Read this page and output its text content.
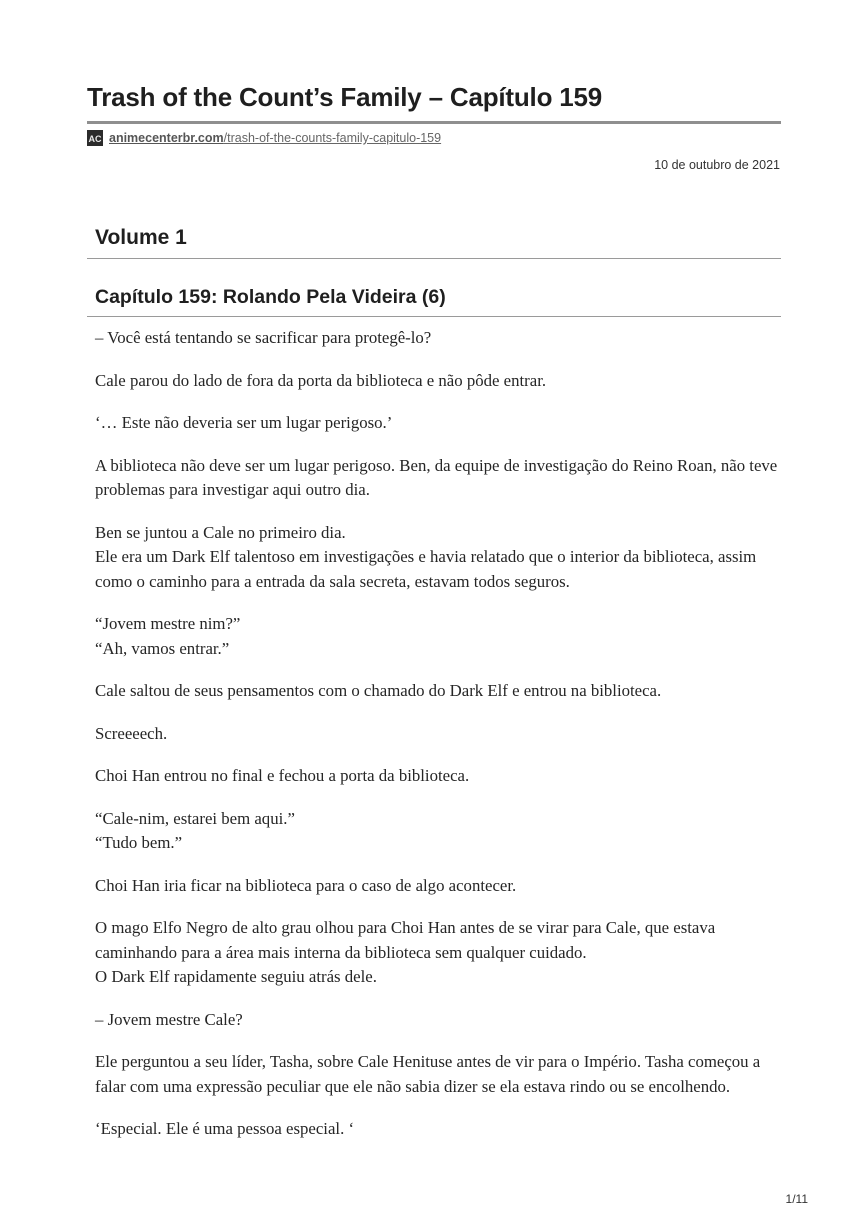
Trash of the Count’s Family – Capítulo 159
AC animecenterbr.com /trash-of-the-counts-family-capitulo-159
10 de outubro de 2021
Volume 1
Capítulo 159: Rolando Pela Videira (6)

– Você está tentando se sacrificar para protegê-lo?

Cale parou do lado de fora da porta da biblioteca e não pôde entrar.

‘… Este não deveria ser um lugar perigoso.’

A biblioteca não deve ser um lugar perigoso. Ben, da equipe de investigação do Reino Roan, não teve problemas para investigar aqui outro dia.

Ben se juntou a Cale no primeiro dia.
Ele era um Dark Elf talentoso em investigações e havia relatado que o interior da biblioteca, assim como o caminho para a entrada da sala secreta, estavam todos seguros.

“Jovem mestre nim?”
“Ah, vamos entrar.”

Cale saltou de seus pensamentos com o chamado do Dark Elf e entrou na biblioteca.

Screeeech.

Choi Han entrou no final e fechou a porta da biblioteca.

“Cale-nim, estarei bem aqui.”
“Tudo bem.”

Choi Han iria ficar na biblioteca para o caso de algo acontecer.

O mago Elfo Negro de alto grau olhou para Choi Han antes de se virar para Cale, que estava caminhando para a área mais interna da biblioteca sem qualquer cuidado.
O Dark Elf rapidamente seguiu atrás dele.

– Jovem mestre Cale?

Ele perguntou a seu líder, Tasha, sobre Cale Henituse antes de vir para o Império. Tasha começou a falar com uma expressão peculiar que ele não sabia dizer se ela estava rindo ou se encolhendo.

‘Especial. Ele é uma pessoa especial. ‘

1/11
